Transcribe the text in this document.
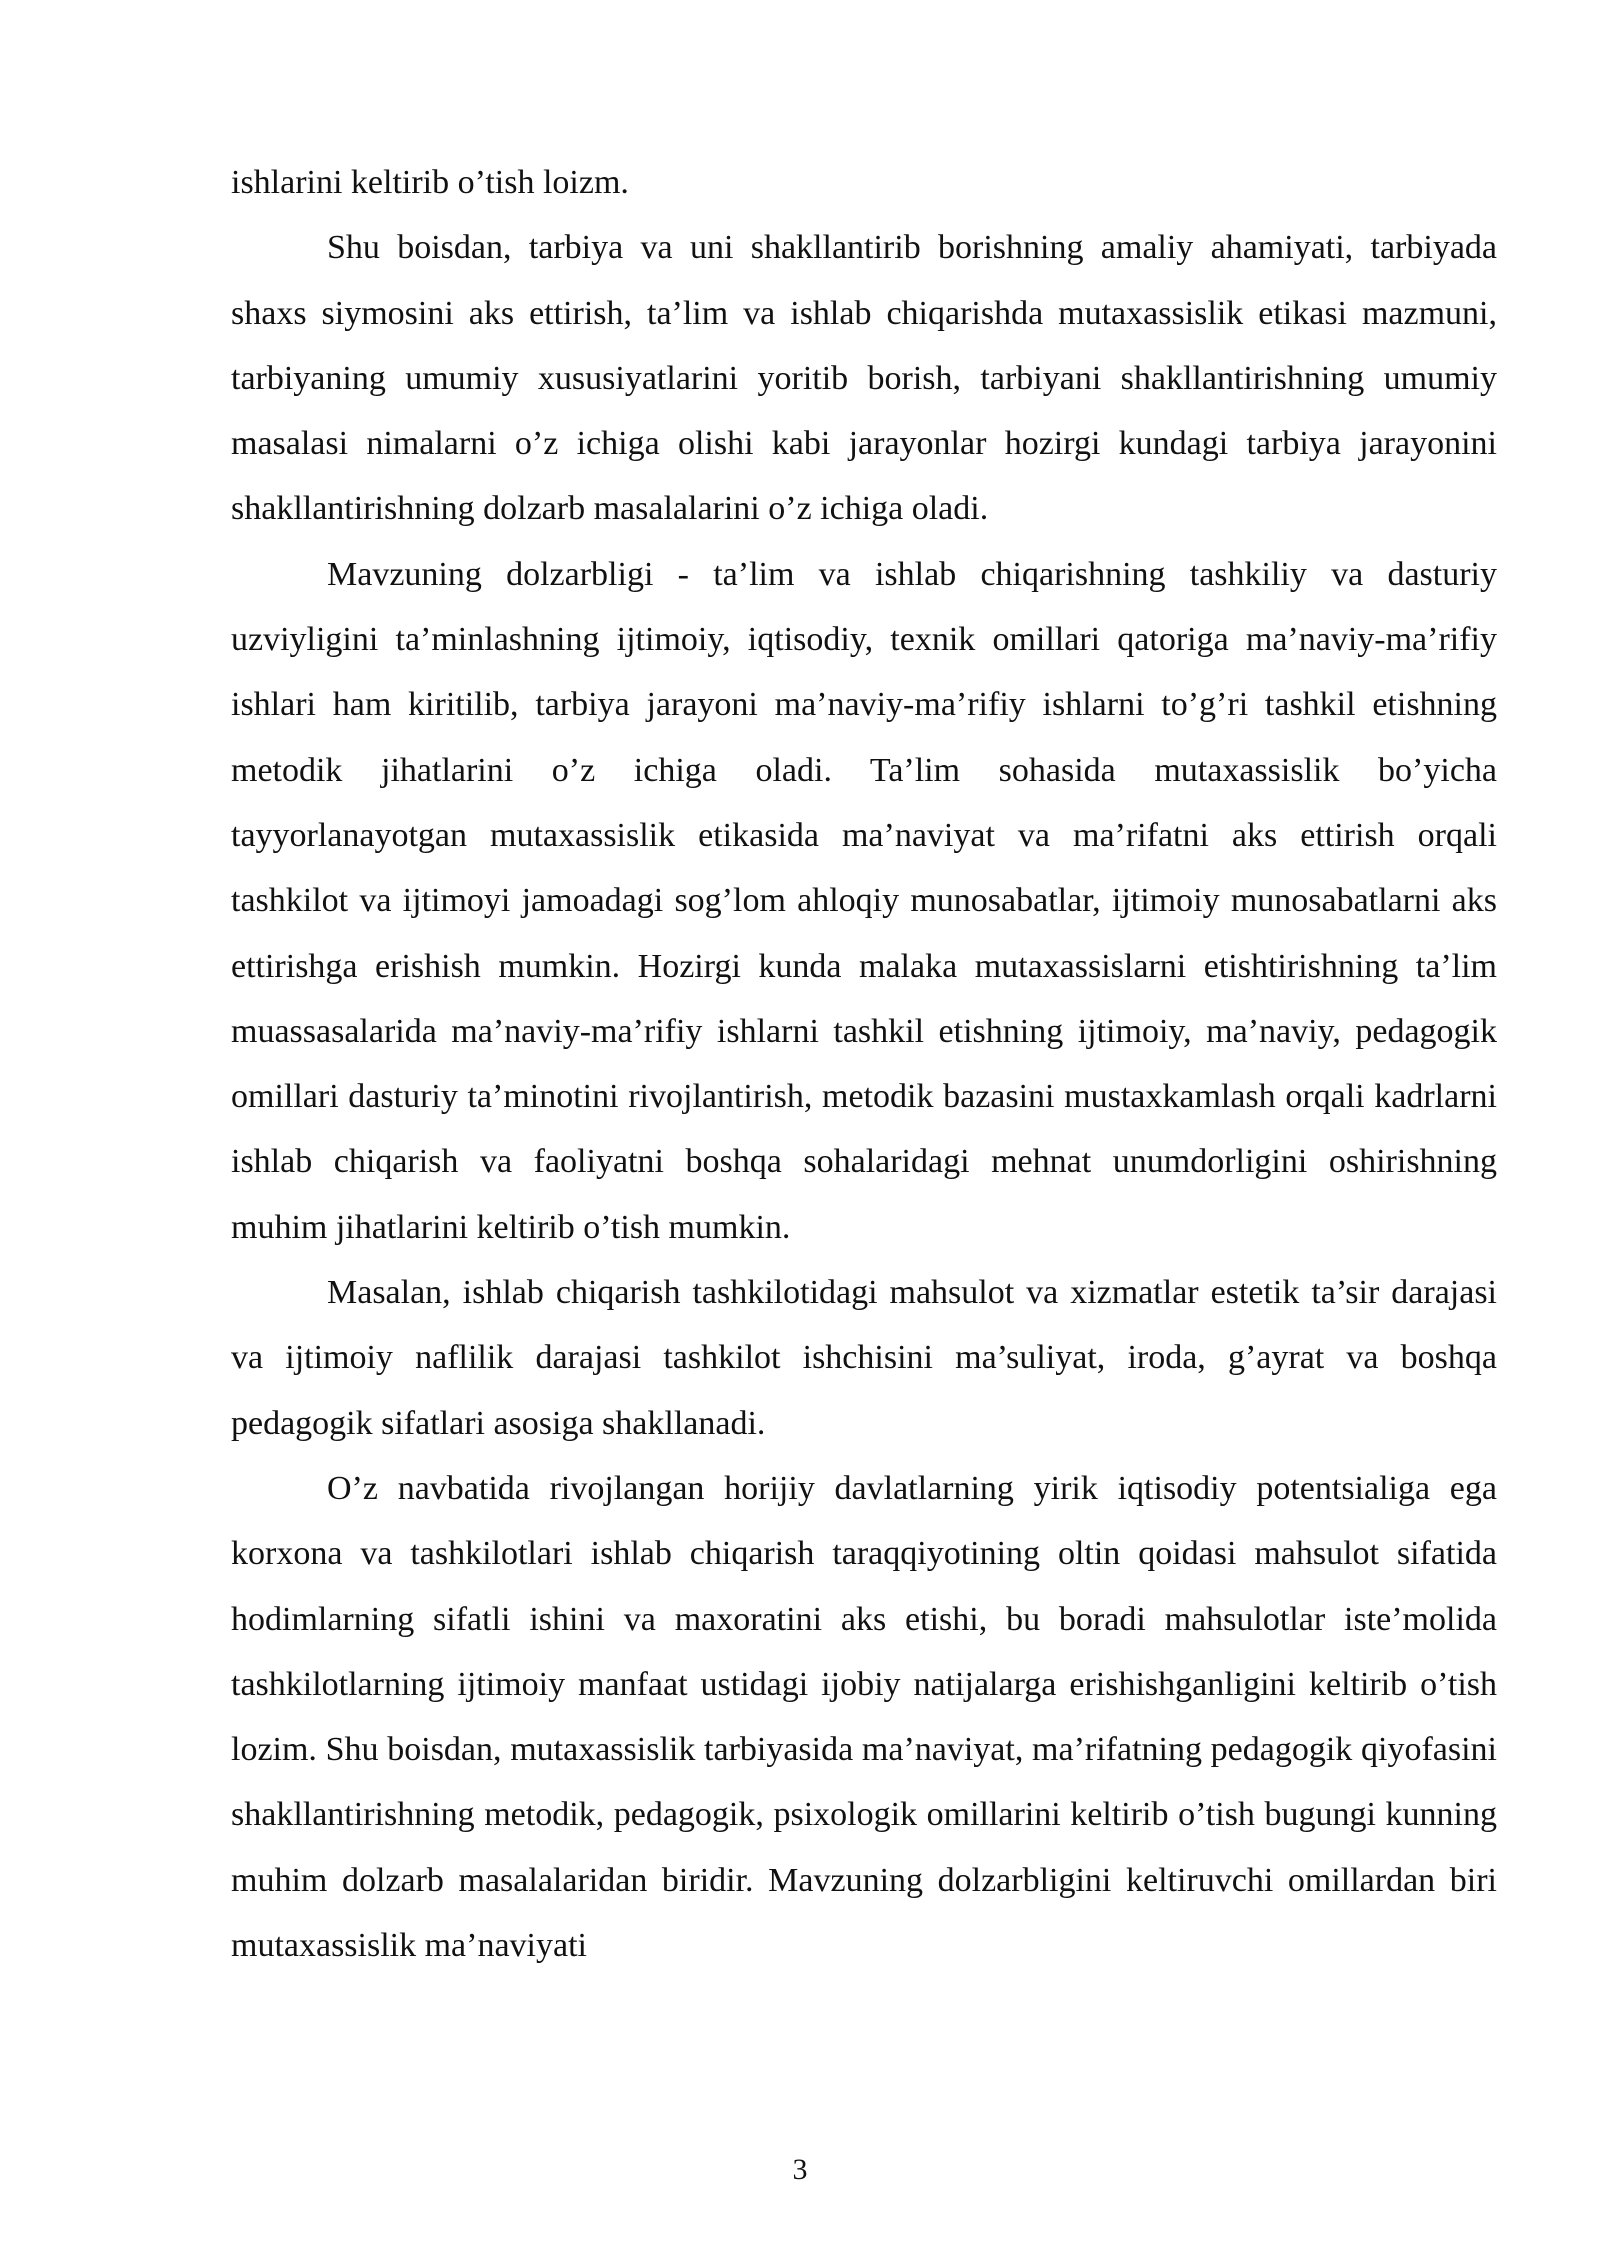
ishlarini keltirib o’tish loizm.

Shu boisdan, tarbiya va uni shakllantirib borishning amaliy ahamiyati, tarbiyada shaxs siymosini aks ettirish, ta’lim va ishlab chiqarishda mutaxassislik etikasi mazmuni, tarbiyaning umumiy xususiyatlarini yoritib borish, tarbiyani shakllantirishning umumiy masalasi nimalarni o’z ichiga olishi kabi jarayonlar hozirgi kundagi tarbiya jarayonini shakllantirishning dolzarb masalalarini o’z ichiga oladi.

Mavzuning dolzarbligi - ta’lim va ishlab chiqarishning tashkiliy va dasturiy uzviyligini ta’minlashning ijtimoiy, iqtisodiy, texnik omillari qatoriga ma’naviy-ma’rifiy ishlari ham kiritilib, tarbiya jarayoni ma’naviy-ma’rifiy ishlarni to’g’ri tashkil etishning metodik jihatlarini o’z ichiga oladi. Ta’lim sohasida mutaxassislik bo’yicha tayyorlanayotgan mutaxassislik etikasida ma’naviyat va ma’rifatni aks ettirish orqali tashkilot va ijtimoyi jamoadagi sog’lom ahloqiy munosabatlar, ijtimoiy munosabatlarni aks ettirishga erishish mumkin. Hozirgi kunda malaka mutaxassislarni etishtirishning ta’lim muassasalarida ma’naviy-ma’rifiy ishlarni tashkil etishning ijtimoiy, ma’naviy, pedagogik omillari dasturiy ta’minotini rivojlantirish, metodik bazasini mustaxkamlash orqali kadrlarni ishlab chiqarish va faoliyatni boshqa sohalaridagi mehnat unumdorligini oshirishning muhim jihatlarini keltirib o’tish mumkin.

Masalan, ishlab chiqarish tashkilotidagi mahsulot va xizmatlar estetik ta’sir darajasi va ijtimoiy naflilik darajasi tashkilot ishchisini ma’suliyat, iroda, g’ayrat va boshqa pedagogik sifatlari asosiga shakllanadi.

O’z navbatida rivojlangan horijiy davlatlarning yirik iqtisodiy potentsialiga ega korxona va tashkilotlari ishlab chiqarish taraqqiyotining oltin qoidasi mahsulot sifatida hodimlarning sifatli ishini va maxoratini aks etishi, bu boradi mahsulotlar iste’molida tashkilotlarning ijtimoiy manfaat ustidagi ijobiy natijalarga erishishganligini keltirib o’tish lozim. Shu boisdan, mutaxassislik tarbiyasida ma’naviyat, ma’rifatning pedagogik qiyofasini shakllantirishning metodik, pedagogik, psixologik omillarini keltirib o’tish bugungi kunning muhim dolzarb masalalaridan biridir. Mavzuning dolzarbligini keltiruvchi omillardan biri mutaxassislik ma’naviyati

3
